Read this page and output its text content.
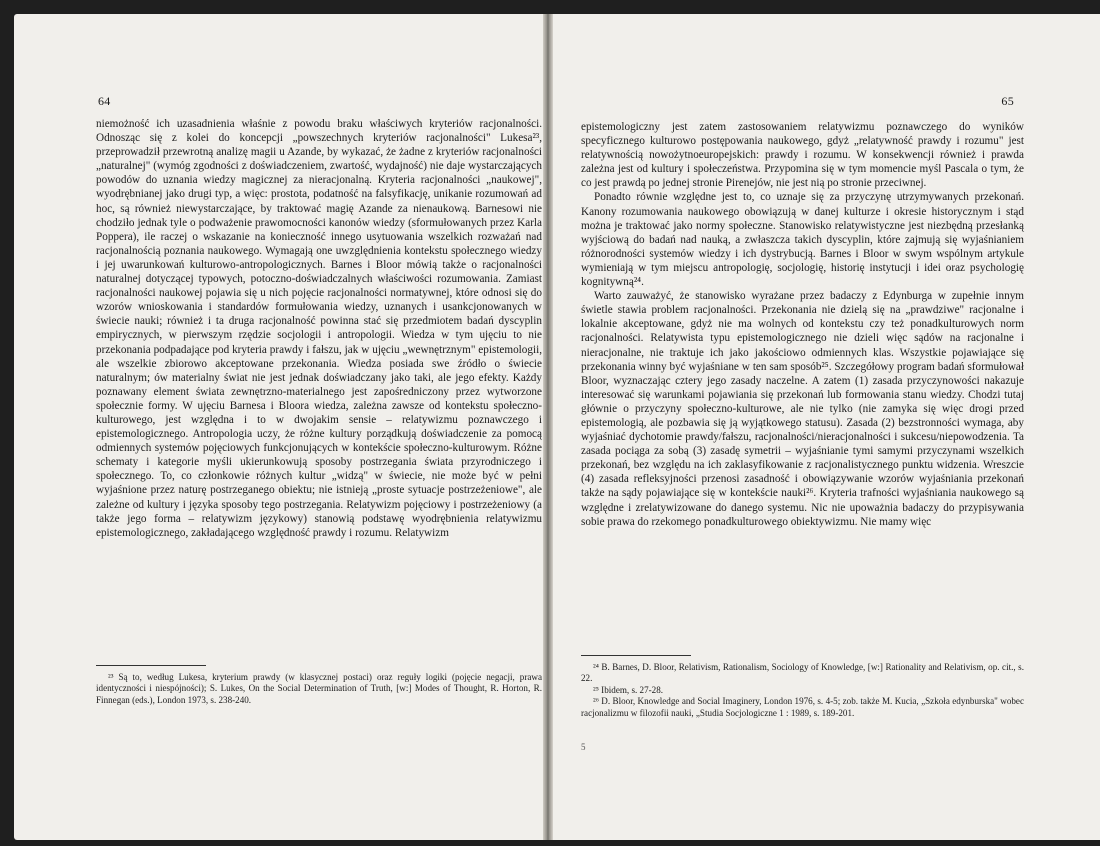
64

niemożność ich uzasadnienia właśnie z powodu braku właściwych kryteriów racjonalności. Odnosząc się z kolei do koncepcji „powszechnych kryteriów racjonalności" Lukesa²³, przeprowadził przewrotną analizę magii u Azande, by wykazać, że żadne z kryteriów racjonalności „naturalnej" (wymóg zgodności z doświadczeniem, zwartość, wydajność) nie daje wystarczających powodów do uznania wiedzy magicznej za nieracjonalną. Kryteria racjonalności „naukowej", wyodrębnianej jako drugi typ, a więc: prostota, podatność na falsyfikację, unikanie rozumowań ad hoc, są również niewystarczające, by traktować magię Azande za nienaukową. Barnesowi nie chodziło jednak tyle o podważenie prawomocności kanonów wiedzy (sformułowanych przez Karla Poppera), ile raczej o wskazanie na konieczność innego usytuowania wszelkich rozważań nad racjonalnością poznania naukowego. Wymagają one uwzględnienia kontekstu społecznego wiedzy i jej uwarunkowań kulturowo-antropologicznych. Barnes i Bloor mówią także o racjonalności naturalnej dotyczącej typowych, potoczno-doświadczalnych właściwości rozumowania. Zamiast racjonalności naukowej pojawia się u nich pojęcie racjonalności normatywnej, które odnosi się do wzorów wnioskowania i standardów formułowania wiedzy, uznanych i usankcjonowanych w świecie nauki; również i ta druga racjonalność powinna stać się przedmiotem badań dyscyplin empirycznych, w pierwszym rzędzie socjologii i antropologii. Wiedza w tym ujęciu to nie przekonania podpadające pod kryteria prawdy i fałszu, jak w ujęciu „wewnętrznym" epistemologii, ale wszelkie zbiorowo akceptowane przekonania. Wiedza posiada swe źródło o świecie naturalnym; ów materialny świat nie jest jednak doświadczany jako taki, ale jego efekty. Każdy poznawany element świata zewnętrzno-materialnego jest zapośredniczony przez wytworzone społecznie formy. W ujęciu Barnesa i Bloora wiedza, zależna zawsze od kontekstu społeczno-kulturowego, jest względna i to w dwojakim sensie – relatywizmu poznawczego i epistemologicznego. Antropologia uczy, że różne kultury porządkują doświadczenie za pomocą odmiennych systemów pojęciowych funkcjonujących w kontekście społeczno-kulturowym. Różne schematy i kategorie myśli ukierunkowują sposoby postrzegania świata przyrodniczego i społecznego. To, co członkowie różnych kultur „widzą" w świecie, nie może być w pełni wyjaśnione przez naturę postrzeganego obiektu; nie istnieją „proste sytuacje postrzeżeniowe", ale zależne od kultury i języka sposoby tego postrzegania. Relatywizm pojęciowy i postrzeżeniowy (a także jego forma – relatywizm językowy) stanowią podstawę wyodrębnienia relatywizmu epistemologicznego, zakładającego względność prawdy i rozumu. Relatywizm

²³ Są to, według Lukesa, kryterium prawdy (w klasycznej postaci) oraz reguły logiki (pojęcie negacji, prawa identyczności i niespójności); S. Lukes, On the Social Determination of Truth, [w:] Modes of Thought, R. Horton, R. Finnegan (eds.), London 1973, s. 238-240.

65

epistemologiczny jest zatem zastosowaniem relatywizmu poznawczego do wyników specyficznego kulturowo postępowania naukowego, gdyż „relatywność prawdy i rozumu" jest relatywnością nowożytnoeuropejskich: prawdy i rozumu. W konsekwencji również i prawda zależna jest od kultury i społeczeństwa. Przypomina się w tym momencie myśl Pascala o tym, że co jest prawdą po jednej stronie Pirenejów, nie jest nią po stronie przeciwnej.

Ponadto równie względne jest to, co uznaje się za przyczynę utrzymywanych przekonań. Kanony rozumowania naukowego obowiązują w danej kulturze i okresie historycznym i stąd można je traktować jako normy społeczne. Stanowisko relatywistyczne jest niezbędną przesłanką wyjściową do badań nad nauką, a zwłaszcza takich dyscyplin, które zajmują się wyjaśnianiem różnorodności systemów wiedzy i ich dystrybucją. Barnes i Bloor w swym wspólnym artykule wymieniają w tym miejscu antropologię, socjologię, historię instytucji i idei oraz psychologię kognitywną²⁴.

Warto zauważyć, że stanowisko wyrażane przez badaczy z Edynburga w zupełnie innym świetle stawia problem racjonalności. Przekonania nie dzielą się na „prawdziwe" racjonalne i lokalnie akceptowane, gdyż nie ma wolnych od kontekstu czy też ponadkulturowych norm racjonalności. Relatywista typu epistemologicznego nie dzieli więc sądów na racjonalne i nieracjonalne, nie traktuje ich jako jakościowo odmiennych klas. Wszystkie pojawiające się przekonania winny być wyjaśniane w ten sam sposób²⁵. Szczegółowy program badań sformułował Bloor, wyznaczając cztery jego zasady naczelne. A zatem (1) zasada przyczynowości nakazuje interesować się warunkami pojawiania się przekonań lub formowania stanu wiedzy. Chodzi tutaj głównie o przyczyny społeczno-kulturowe, ale nie tylko (nie zamyka się więc drogi przed epistemologią, ale pozbawia się ją wyjątkowego statusu). Zasada (2) bezstronności wymaga, aby wyjaśniać dychotomie prawdy/fałszu, racjonalności/nieracjonalności i sukcesu/niepowodzenia. Ta zasada pociąga za sobą (3) zasadę symetrii – wyjaśnianie tymi samymi przyczynami wszelkich przekonań, bez względu na ich zaklasyfikowanie z racjonalistycznego punktu widzenia. Wreszcie (4) zasada refleksyjności przenosi zasadność i obowiązywanie wzorów wyjaśniania przekonań także na sądy pojawiające się w kontekście nauki²⁶. Kryteria trafności wyjaśniania naukowego są względne i zrelatywizowane do danego systemu. Nic nie upoważnia badaczy do przypisywania sobie prawa do rzekomego ponadkulturowego obiektywizmu. Nie mamy więc

²⁴ B. Barnes, D. Bloor, Relativism, Rationalism, Sociology of Knowledge, [w:] Rationality and Relativism, op. cit., s. 22.

²⁵ Ibidem, s. 27-28.

²⁶ D. Bloor, Knowledge and Social Imaginery, London 1976, s. 4-5; zob. także M. Kucia, „Szkoła edynburska" wobec racjonalizmu w filozofii nauki, „Studia Socjologiczne 1 : 1989, s. 189-201.

5
